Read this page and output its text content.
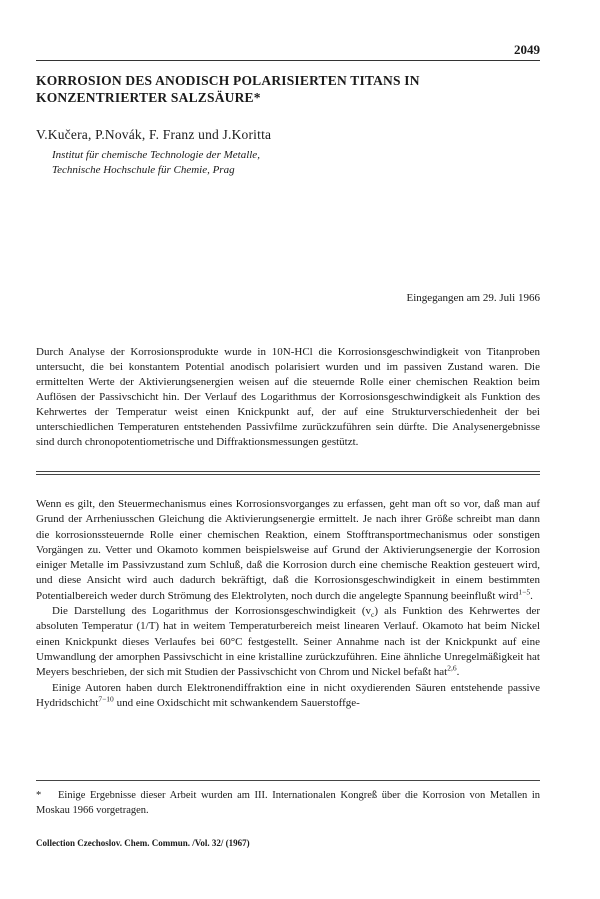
2049
KORROSION DES ANODISCH POLARISIERTEN TITANS IN KONZENTRIERTER SALZSÄURE*
V.Kučera, P.Novák, F. Franz und J.Koritta
Institut für chemische Technologie der Metalle,
Technische Hochschule für Chemie, Prag
Eingegangen am 29. Juli 1966

Durch Analyse der Korrosionsprodukte wurde in 10N-HCl die Korrosionsgeschwindigkeit von Titanproben untersucht, die bei konstantem Potential anodisch polarisiert wurden und im passiven Zustand waren. Die ermittelten Werte der Aktivierungsenergien weisen auf die steuernde Rolle einer chemischen Reaktion beim Auflösen der Passivschicht hin. Der Verlauf des Logarithmus der Korrosionsgeschwindigkeit als Funktion des Kehrwertes der Temperatur weist einen Knickpunkt auf, der auf eine Strukturverschiedenheit der bei unterschiedlichen Temperaturen entstehenden Passivfilme zurückzuführen sein dürfte. Die Analysenergebnisse sind durch chronopotentiometrische und Diffraktionsmessungen gestützt.

Wenn es gilt, den Steuermechanismus eines Korrosionsvorganges zu erfassen, geht man oft so vor, daß man auf Grund der Arrheniusschen Gleichung die Aktivierungsenergie ermittelt. Je nach ihrer Größe schreibt man dann die korrosionssteuernde Rolle einer chemischen Reaktion, einem Stofftransportmechanismus oder sonstigen Vorgängen zu. Vetter und Okamoto kommen beispielsweise auf Grund der Aktivierungsenergie der Korrosion einiger Metalle im Passivzustand zum Schluß, daß die Korrosion durch eine chemische Reaktion gesteuert wird, und diese Ansicht wird auch dadurch bekräftigt, daß die Korrosionsgeschwindigkeit in einem bestimmten Potentialbereich weder durch Strömung des Elektrolyten, noch durch die angelegte Spannung beeinflußt wird$^{1-5}$.

Die Darstellung des Logarithmus der Korrosionsgeschwindigkeit $(v_c)$ als Funktion des Kehrwertes der absoluten Temperatur (1/T) hat in weitem Temperaturbereich meist linearen Verlauf. Okamoto hat beim Nickel einen Knickpunkt dieses Verlaufes bei 60°C festgestellt. Seiner Annahme nach ist der Knickpunkt auf eine Umwandlung der amorphen Passivschicht in eine kristalline zurückzuführen. Eine ähnliche Unregelmäßigkeit hat Meyers beschrieben, der sich mit Studien der Passivschicht von Chrom und Nickel befaßt hat$^{2,6}$.

Einige Autoren haben durch Elektronendiffraktion eine in nicht oxydierenden Säuren entstehende passive Hydridschicht$^{7-10}$ und eine Oxidschicht mit schwankendem Sauerstoffge-

* Einige Ergebnisse dieser Arbeit wurden am III. Internationalen Kongreß über die Korrosion von Metallen in Moskau 1966 vorgetragen.

Collection Czechoslov. Chem. Commun. /Vol. 32/ (1967)
